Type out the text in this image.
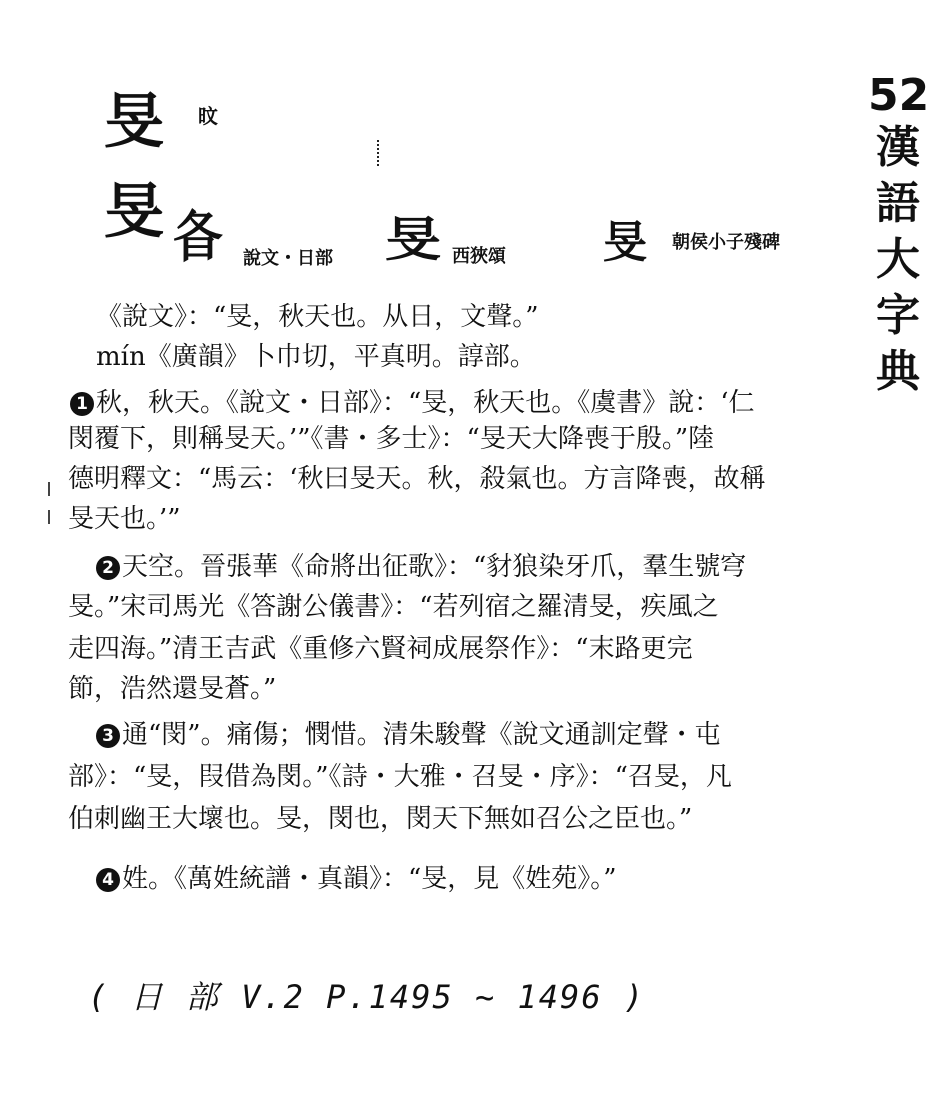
旻 旼
旻 𣅈 說文・日部 旻 西狹頌 旻 朝侯小子殘碑
52
漢
語
大
字
典
《說文》：“旻，秋天也。从日，文聲。”
mín《廣韻》卜巾切，平真明。諄部。
1 秋，秋天。《說文・日部》：“旻，秋天也。《虞書》說：‘仁
閔覆下，則稱旻天。’”《書・多士》：“旻天大降喪于殷。”陸
德明釋文：“馬云：‘秋曰旻天。秋，殺氣也。方言降喪，故稱
旻天也。’”
2 天空。晉張華《命將出征歌》：“豺狼染牙爪，羣生號穹
旻。”宋司馬光《答謝公儀書》：“若列宿之羅清旻，疾風之
走四海。”清王吉武《重修六賢祠成展祭作》：“末路更完
節，浩然還旻蒼。”
3 通“閔”。痛傷；憫惜。清朱駿聲《說文通訓定聲・屯
部》：“旻，叚借為閔。”《詩・大雅・召旻・序》：“召旻，凡
伯刺幽王大壞也。旻，閔也，閔天下無如召公之臣也。”
4 姓。《萬姓統譜・真韻》：“旻，見《姓苑》。”
( 日 部 V.2 P.1495 ~ 1496 )
